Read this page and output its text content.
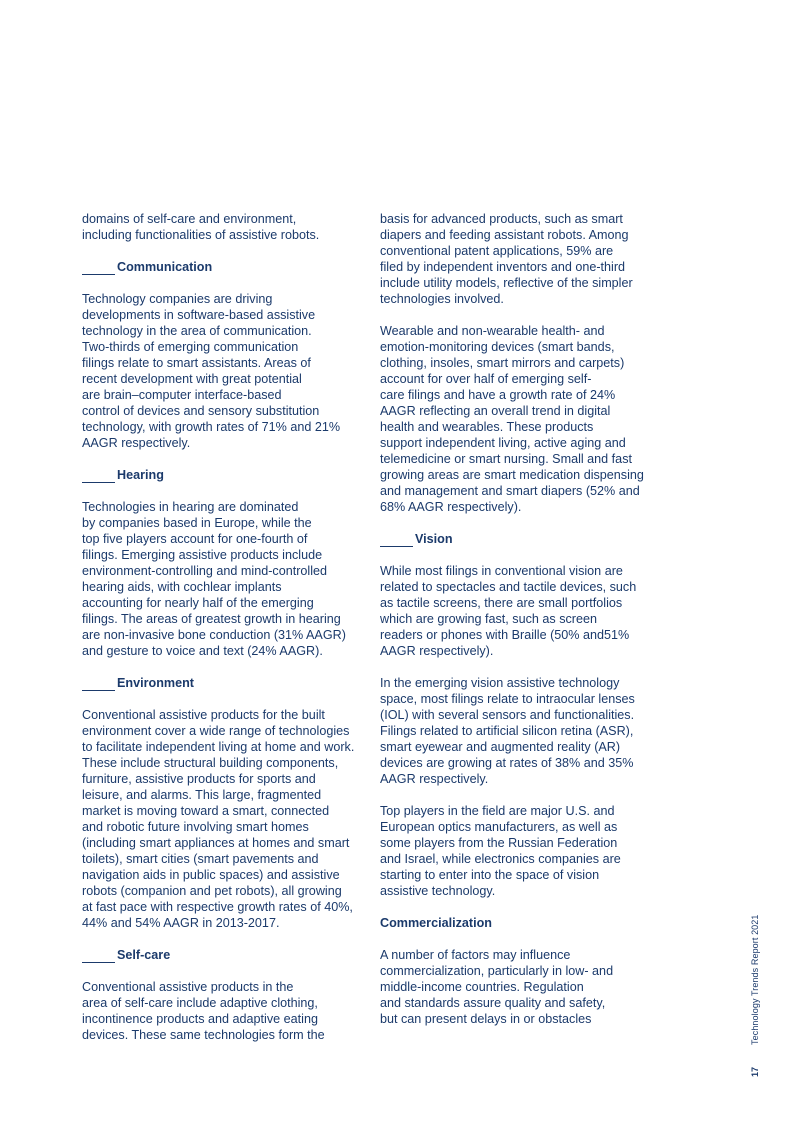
domains of self-care and environment,
including functionalities of assistive robots.
Communication
Technology companies are driving
developments in software-based assistive
technology in the area of communication.
Two-thirds of emerging communication
filings relate to smart assistants. Areas of
recent development with great potential
are brain–computer interface-based
control of devices and sensory substitution
technology, with growth rates of 71% and 21%
AAGR respectively.
Hearing
Technologies in hearing are dominated
by companies based in Europe, while the
top five players account for one-fourth of
filings. Emerging assistive products include
environment-controlling and mind-controlled
hearing aids, with cochlear implants
accounting for nearly half of the emerging
filings. The areas of greatest growth in hearing
are non-invasive bone conduction (31% AAGR)
and gesture to voice and text (24% AAGR).
Environment
Conventional assistive products for the built
environment cover a wide range of technologies
to facilitate independent living at home and work.
These include structural building components,
furniture, assistive products for sports and
leisure, and alarms. This large, fragmented
market is moving toward a smart, connected
and robotic future involving smart homes
(including smart appliances at homes and smart
toilets), smart cities (smart pavements and
navigation aids in public spaces) and assistive
robots (companion and pet robots), all growing
at fast pace with respective growth rates of 40%,
44% and 54% AAGR in 2013-2017.
Self-care
Conventional assistive products in the
area of self-care include adaptive clothing,
incontinence products and adaptive eating
devices. These same technologies form the
basis for advanced products, such as smart
diapers and feeding assistant robots. Among
conventional patent applications, 59% are
filed by independent inventors and one-third
include utility models, reflective of the simpler
technologies involved.
Wearable and non-wearable health- and
emotion-monitoring devices (smart bands,
clothing, insoles, smart mirrors and carpets)
account for over half of emerging self-
care filings and have a growth rate of 24%
AAGR reflecting an overall trend in digital
health and wearables. These products
support independent living, active aging and
telemedicine or smart nursing. Small and fast
growing areas are smart medication dispensing
and management and smart diapers (52% and
68% AAGR respectively).
Vision
While most filings in conventional vision are
related to spectacles and tactile devices, such
as tactile screens, there are small portfolios
which are growing fast, such as screen
readers or phones with Braille (50% and51%
AAGR respectively).
In the emerging vision assistive technology
space, most filings relate to intraocular lenses
(IOL) with several sensors and functionalities.
Filings related to artificial silicon retina (ASR),
smart eyewear and augmented reality (AR)
devices are growing at rates of 38% and 35%
AAGR respectively.
Top players in the field are major U.S. and
European optics manufacturers, as well as
some players from the Russian Federation
and Israel, while electronics companies are
starting to enter into the space of vision
assistive technology.
Commercialization
A number of factors may influence
commercialization, particularly in low- and
middle-income countries. Regulation
and standards assure quality and safety,
but can present delays in or obstacles
17
Technology Trends Report 2021
